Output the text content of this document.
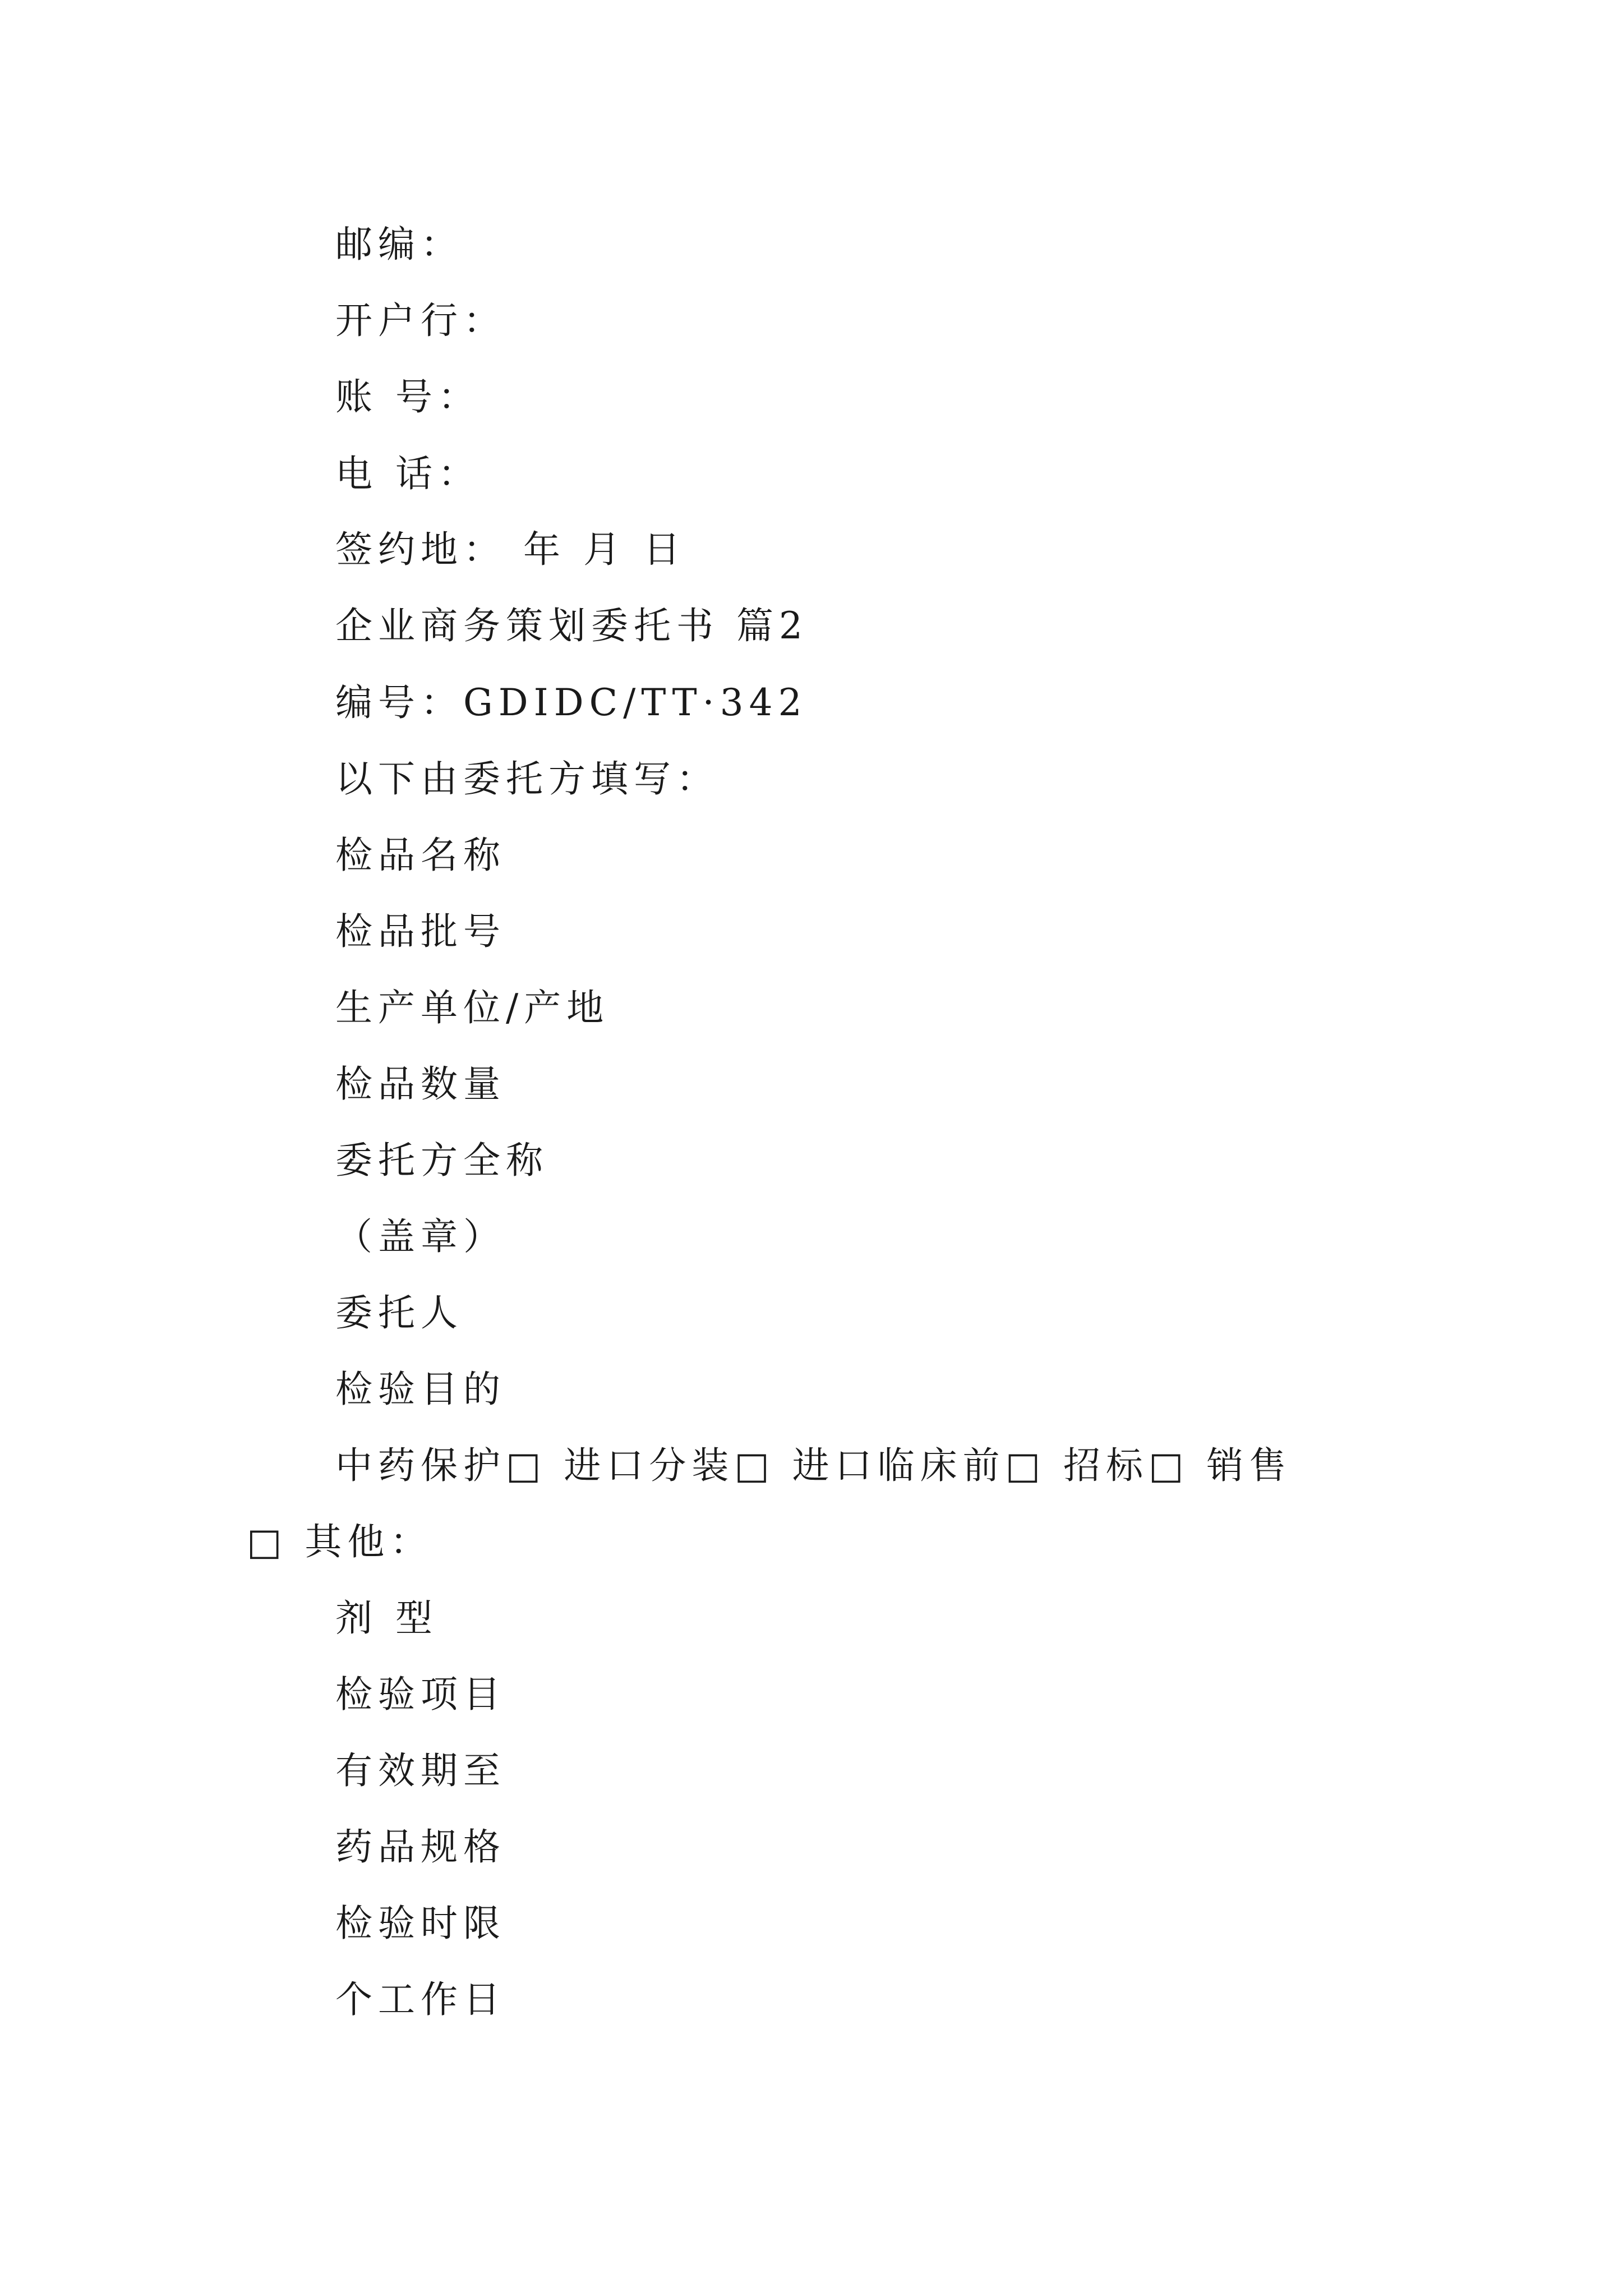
邮编：
开户行：
账 号：
电 话：
签约地： 年 月 日
企业商务策划委托书 篇2
编号：GDIDC/TT·342
以下由委托方填写：
检品名称
检品批号
生产单位/产地
检品数量
委托方全称
（盖章）
委托人
检验目的
中药保护□ 进口分装□ 进口临床前□ 招标□ 销售
□ 其他：
剂 型
检验项目
有效期至
药品规格
检验时限
个工作日
